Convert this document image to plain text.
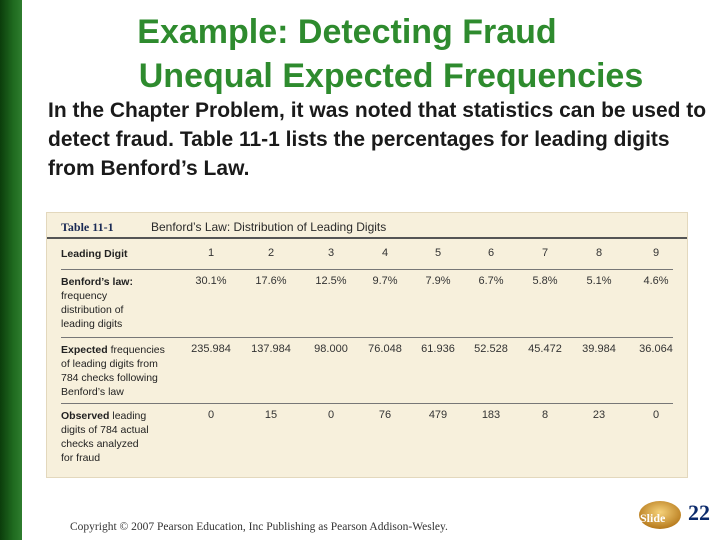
Example: Detecting Fraud
Unequal Expected Frequencies
In the Chapter Problem, it was noted that statistics can be used to detect fraud. Table 11-1 lists the percentages for leading digits from Benford’s Law.
Table 11-1	Benford’s Law: Distribution of Leading Digits
Leading Digit	1	2	3	4	5	6	7	8	9
Benford’s law:
frequency
distribution of
leading digits
30.1%	17.6%	12.5%	9.7%	7.9%	6.7%	5.8%	5.1%	4.6%
Expected frequencies
of leading digits from
784 checks following
Benford’s law
235.984	137.984	98.000	76.048	61.936	52.528	45.472	39.984	36.064
Observed leading
digits of 784 actual
checks analyzed
for fraud
0	15	0	76	479	183	8	23	0
Copyright © 2007 Pearson Education, Inc Publishing as Pearson Addison-Wesley.
Slide 22
